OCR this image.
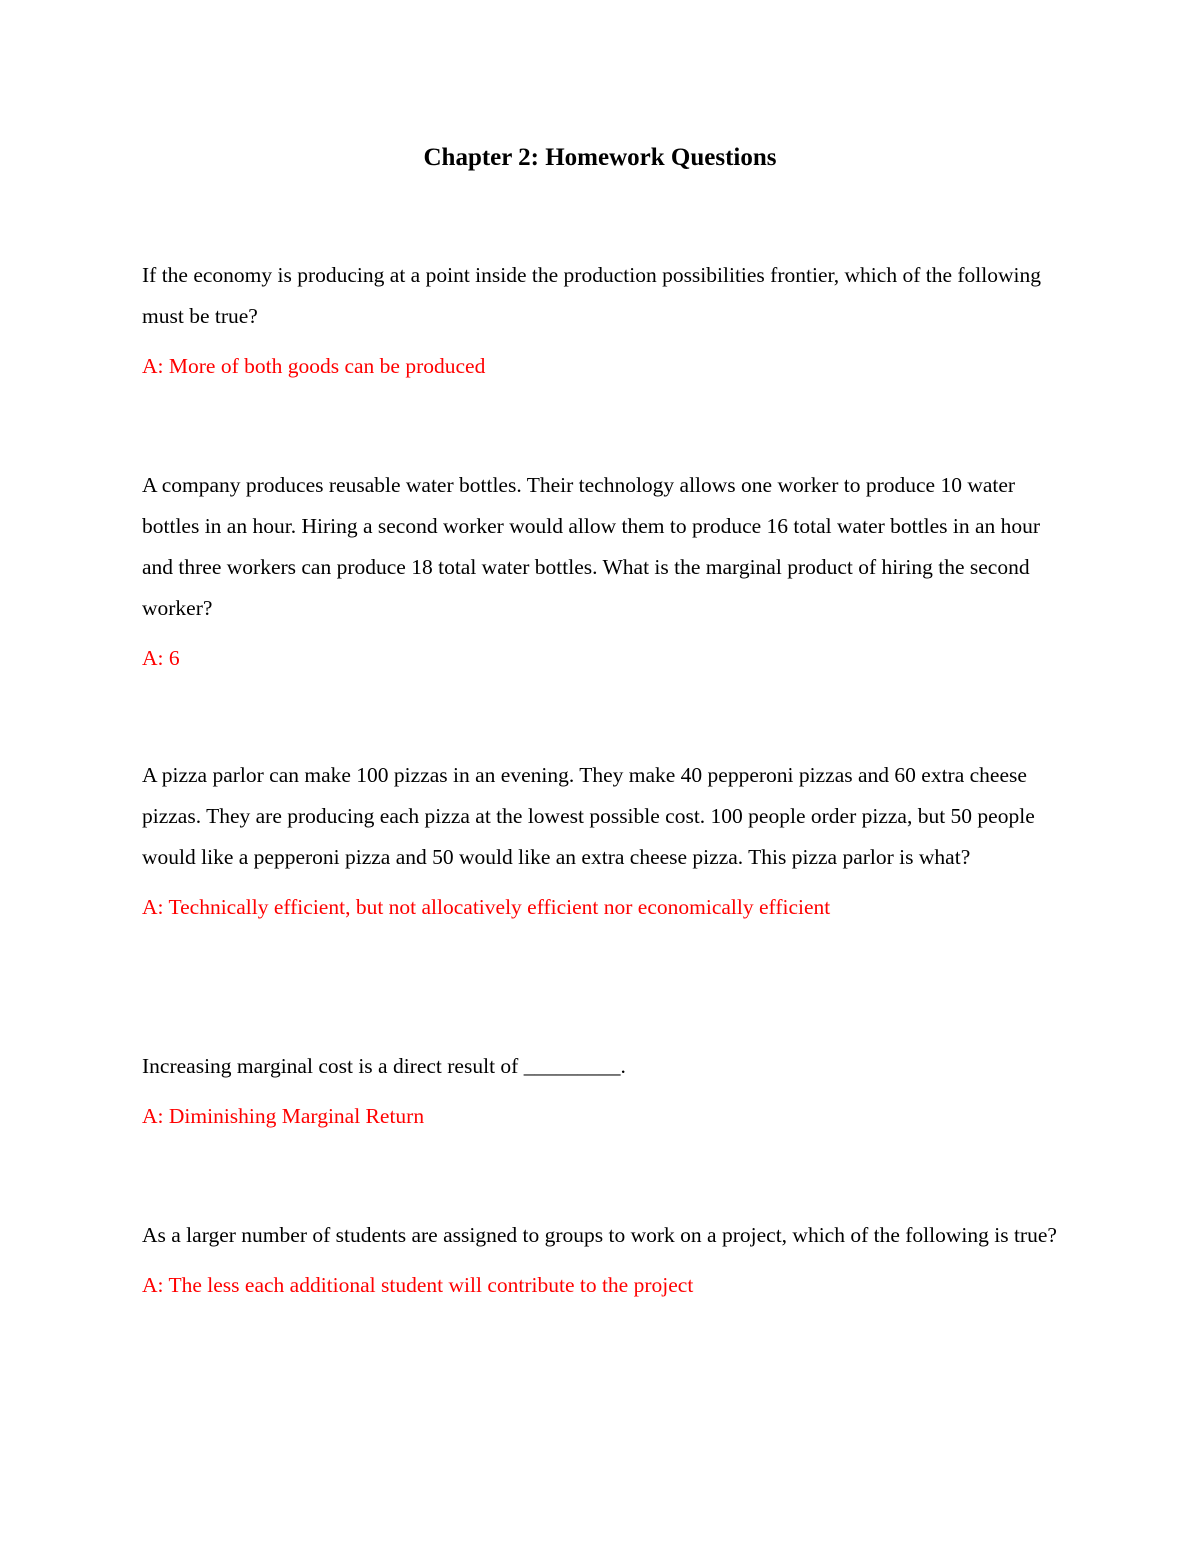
Chapter 2: Homework Questions

If the economy is producing at a point inside the production possibilities frontier, which of the following must be true?

A: More of both goods can be produced

A company produces reusable water bottles. Their technology allows one worker to produce 10 water bottles in an hour. Hiring a second worker would allow them to produce 16 total water bottles in an hour and three workers can produce 18 total water bottles. What is the marginal product of hiring the second worker?

A: 6

A pizza parlor can make 100 pizzas in an evening. They make 40 pepperoni pizzas and 60 extra cheese pizzas. They are producing each pizza at the lowest possible cost. 100 people order pizza, but 50 people would like a pepperoni pizza and 50 would like an extra cheese pizza. This pizza parlor is what?

A: Technically efficient, but not allocatively efficient nor economically efficient

Increasing marginal cost is a direct result of _________.

A: Diminishing Marginal Return

As a larger number of students are assigned to groups to work on a project, which of the following is true?

A: The less each additional student will contribute to the project
